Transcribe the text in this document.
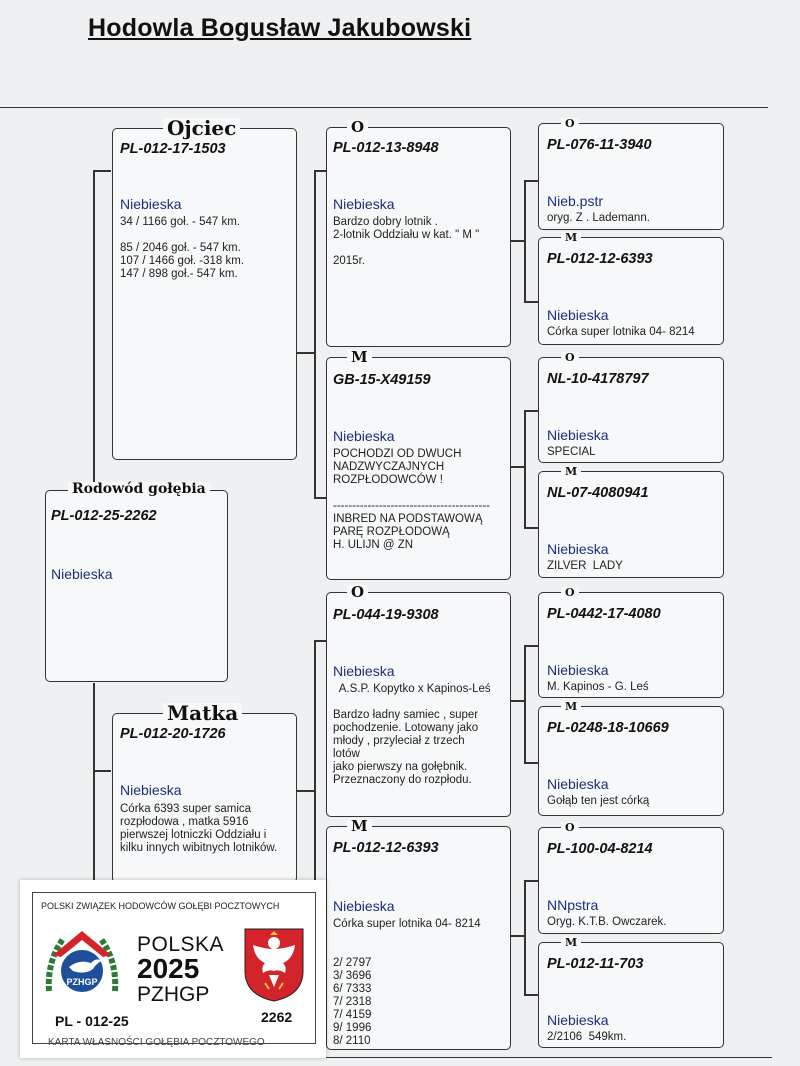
Hodowla Bogusław Jakubowski
Rodowód gołębia
PL-012-25-2262
Niebieska
Ojciec
PL-012-17-1503
Niebieska
34 / 1166 goł. - 547 km.

85 / 2046 goł. - 547 km.
107 / 1466 goł. -318 km.
147 / 898 goł.- 547 km.
Matka
PL-012-20-1726
Niebieska
Córka 6393 super samica
rozpłodowa , matka 5916
pierwszej lotniczki Oddziału i
kilku innych wibitnych lotników.
O
PL-012-13-8948
Niebieska
Bardzo dobry lotnik .
2-lotnik Oddziału w kat. " M "

2015r.
M
GB-15-X49159
Niebieska
POCHODZI OD DWUCH
NADZWYCZAJNYCH
ROZPŁODOWCÓW !

-----------------------------------------
INBRED NA PODSTAWOWĄ
PARĘ ROZPŁODOWĄ
H. ULIJN @ ZN
O
PL-044-19-9308
Niebieska
A.S.P. Kopytko x Kapinos-Leś

Bardzo ładny samiec , super
pochodzenie. Lotowany jako
młody , przyleciał z trzech
lotów
jako pierwszy na gołębnik.
Przeznaczony do rozpłodu.
M
PL-012-12-6393
Niebieska
Córka super lotnika 04- 8214

2/ 2797
3/ 3696
6/ 7333
7/ 2318
7/ 4159
9/ 1996
8/ 2110
O
PL-076-11-3940
Nieb.pstr
oryg. Z . Lademann.
M
PL-012-12-6393
Niebieska
Córka super lotnika 04- 8214
O
NL-10-4178797
Niebieska
SPECIAL
M
NL-07-4080941
Niebieska
ZILVER  LADY
O
PL-0442-17-4080
Niebieska
M. Kapinos - G. Leś
M
PL-0248-18-10669
Niebieska
Gołąb ten jest córką
O
PL-100-04-8214
NNpstra
Oryg. K.T.B. Owczarek.
M
PL-012-11-703
Niebieska
2/2106  549km.
POLSKI ZWIĄZEK HODOWCÓW GOŁĘBI POCZTOWYCH
PZHGP
POLSKA
2025
PZHGP
PL - 012-25	2262
KARTA WŁASNOŚCI GOŁĘBIA POCZTOWEGO
